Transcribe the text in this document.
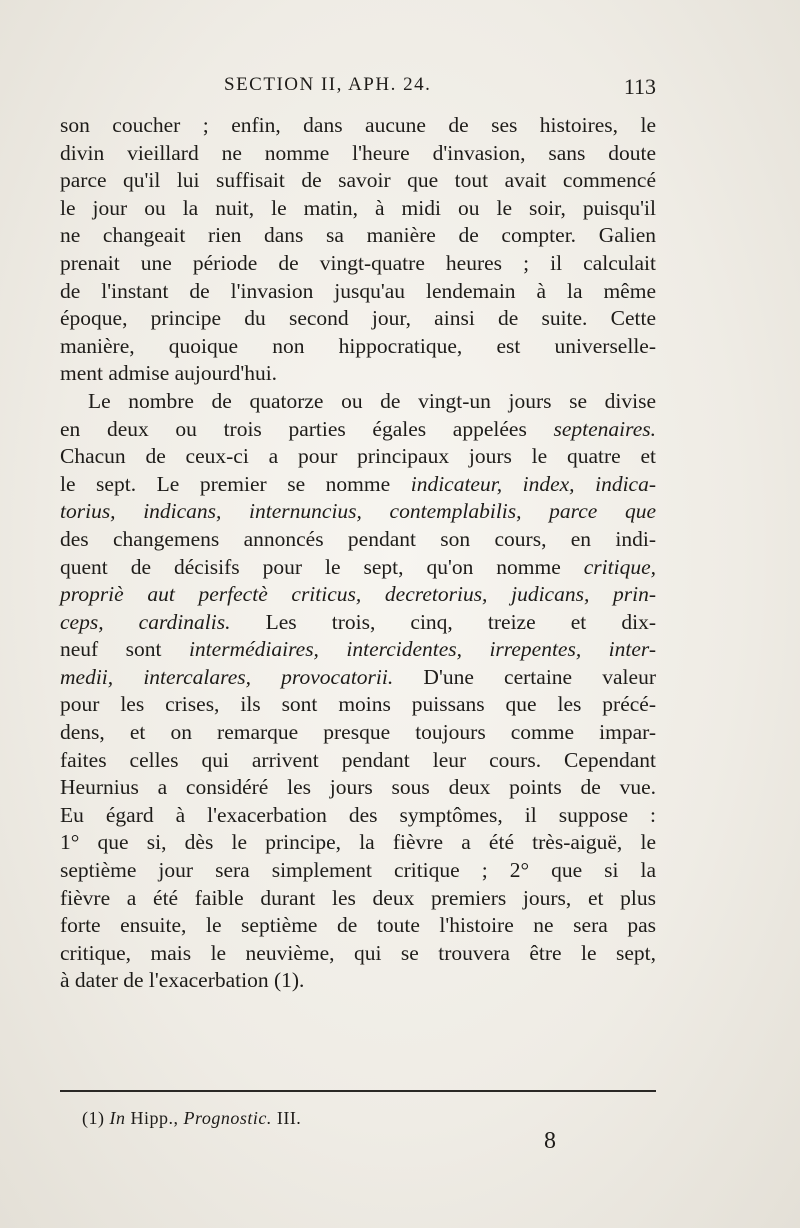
SECTION II, APH. 24.	113
son coucher ; enfin, dans aucune de ses histoires, le
divin vieillard ne nomme l'heure d'invasion, sans doute
parce qu'il lui suffisait de savoir que tout avait commencé
le jour ou la nuit, le matin, à midi ou le soir, puisqu'il
ne changeait rien dans sa manière de compter. Galien
prenait une période de vingt-quatre heures ; il calculait
de l'instant de l'invasion jusqu'au lendemain à la même
époque, principe du second jour, ainsi de suite. Cette
manière, quoique non hippocratique, est universelle-
ment admise aujourd'hui.
Le nombre de quatorze ou de vingt-un jours se divise
en deux ou trois parties égales appelées septenaires.
Chacun de ceux-ci a pour principaux jours le quatre et
le sept. Le premier se nomme indicateur, index, indica-
torius, indicans, internuncius, contemplabilis, parce que
des changemens annoncés pendant son cours, en indi-
quent de décisifs pour le sept, qu'on nomme critique,
propriè aut perfectè criticus, decretorius, judicans, prin-
ceps, cardinalis. Les trois, cinq, treize et dix-
neuf sont intermédiaires, intercidentes, irrepentes, inter-
medii, intercalares, provocatorii. D'une certaine valeur
pour les crises, ils sont moins puissans que les précé-
dens, et on remarque presque toujours comme impar-
faites celles qui arrivent pendant leur cours. Cependant
Heurnius a considéré les jours sous deux points de vue.
Eu égard à l'exacerbation des symptômes, il suppose :
1° que si, dès le principe, la fièvre a été très-aiguë, le
septième jour sera simplement critique ; 2° que si la
fièvre a été faible durant les deux premiers jours, et plus
forte ensuite, le septième de toute l'histoire ne sera pas
critique, mais le neuvième, qui se trouvera être le sept,
à dater de l'exacerbation (1).
(1) In Hipp., Prognostic. III.
8
